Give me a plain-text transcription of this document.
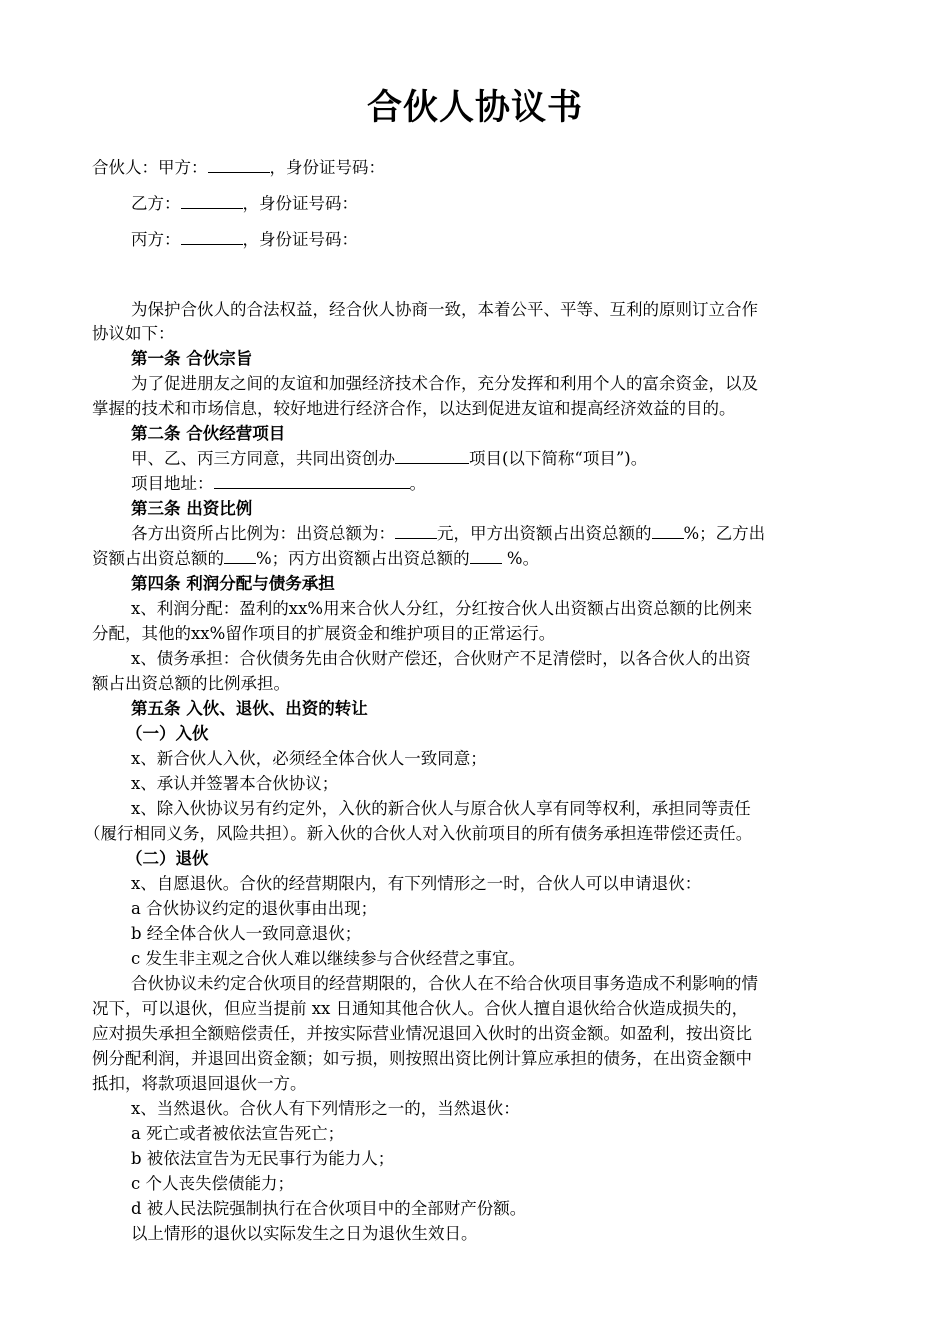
合伙人协议书
合伙人：甲方：	，身份证号码：
乙方：	，身份证号码：
丙方：	，身份证号码：
为保护合伙人的合法权益，经合伙人协商一致，本着公平、平等、互利的原则订立合作
协议如下：
第一条 合伙宗旨
为了促进朋友之间的友谊和加强经济技术合作，充分发挥和利用个人的富余资金，以及
掌握的技术和市场信息，较好地进行经济合作，以达到促进友谊和提高经济效益的目的。
第二条 合伙经营项目
甲、乙、丙三方同意，共同出资创办	项目(以下简称“项目”)。
项目地址：	。
第三条 出资比例
各方出资所占比例为：出资总额为：	元，甲方出资额占出资总额的 %；乙方出
资额占出资总额的 %；丙方出资额占出资总额的 %。
第四条 利润分配与债务承担
x、利润分配：盈利的xx%用来合伙人分红，分红按合伙人出资额占出资总额的比例来
分配，其他的xx%留作项目的扩展资金和维护项目的正常运行。
x、债务承担：合伙债务先由合伙财产偿还，合伙财产不足清偿时，以各合伙人的出资
额占出资总额的比例承担。
第五条 入伙、退伙、出资的转让
（一）入伙
x、新合伙人入伙，必须经全体合伙人一致同意；
x、承认并签署本合伙协议；
x、除入伙协议另有约定外，入伙的新合伙人与原合伙人享有同等权利，承担同等责任
（履行相同义务，风险共担）。新入伙的合伙人对入伙前项目的所有债务承担连带偿还责任。
（二）退伙
x、自愿退伙。合伙的经营期限内，有下列情形之一时，合伙人可以申请退伙：
a 合伙协议约定的退伙事由出现；
b 经全体合伙人一致同意退伙；
c 发生非主观之合伙人难以继续参与合伙经营之事宜。
合伙协议未约定合伙项目的经营期限的，合伙人在不给合伙项目事务造成不利影响的情
况下，可以退伙，但应当提前 xx 日通知其他合伙人。合伙人擅自退伙给合伙造成损失的，
应对损失承担全额赔偿责任，并按实际营业情况退回入伙时的出资金额。如盈利，按出资比
例分配利润，并退回出资金额；如亏损，则按照出资比例计算应承担的债务，在出资金额中
抵扣，将款项退回退伙一方。
x、当然退伙。合伙人有下列情形之一的，当然退伙：
a 死亡或者被依法宣告死亡；
b 被依法宣告为无民事行为能力人；
c 个人丧失偿债能力；
d 被人民法院强制执行在合伙项目中的全部财产份额。
以上情形的退伙以实际发生之日为退伙生效日。
